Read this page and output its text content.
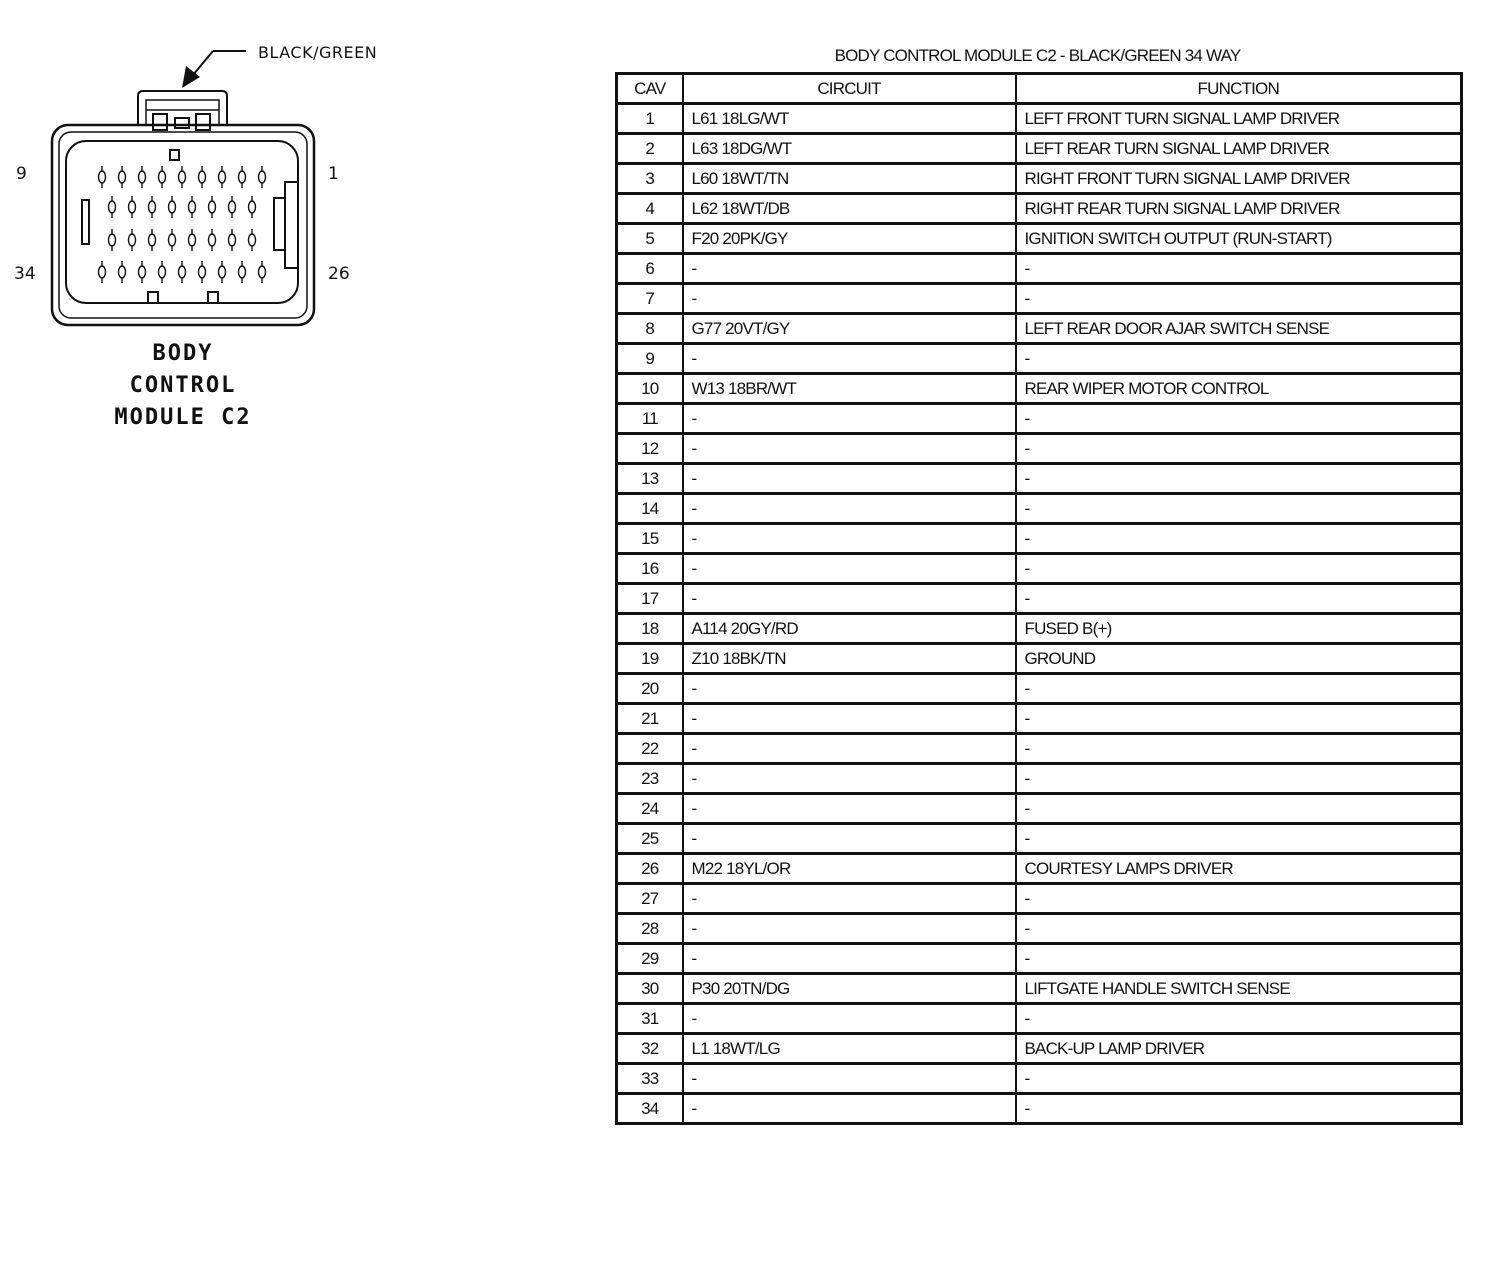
BLACK/GREEN
9	1
34	26
BODY
CONTROL
MODULE C2
BODY CONTROL MODULE C2 - BLACK/GREEN 34 WAY
CAV	CIRCUIT	FUNCTION
1	L61 18LG/WT	LEFT FRONT TURN SIGNAL LAMP DRIVER
2	L63 18DG/WT	LEFT REAR TURN SIGNAL LAMP DRIVER
3	L60 18WT/TN	RIGHT FRONT TURN SIGNAL LAMP DRIVER
4	L62 18WT/DB	RIGHT REAR TURN SIGNAL LAMP DRIVER
5	F20 20PK/GY	IGNITION SWITCH OUTPUT (RUN-START)
6	-	-
7	-	-
8	G77 20VT/GY	LEFT REAR DOOR AJAR SWITCH SENSE
9	-	-
10	W13 18BR/WT	REAR WIPER MOTOR CONTROL
11	-	-
12	-	-
13	-	-
14	-	-
15	-	-
16	-	-
17	-	-
18	A114 20GY/RD	FUSED B(+)
19	Z10 18BK/TN	GROUND
20	-	-
21	-	-
22	-	-
23	-	-
24	-	-
25	-	-
26	M22 18YL/OR	COURTESY LAMPS DRIVER
27	-	-
28	-	-
29	-	-
30	P30 20TN/DG	LIFTGATE HANDLE SWITCH SENSE
31	-	-
32	L1 18WT/LG	BACK-UP LAMP DRIVER
33	-	-
34	-	-
